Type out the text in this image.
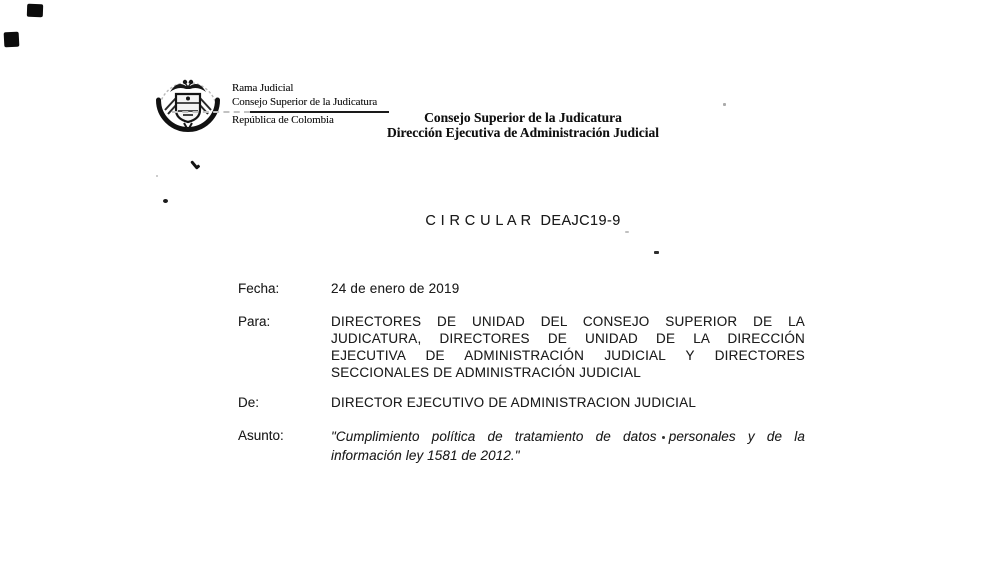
Rama Judicial
Consejo Superior de la Judicatura
República de Colombia	Consejo Superior de la Judicatura
Dirección Ejecutiva de Administración Judicial
C I R C U L A R DEAJC19-9
Fecha:	24 de enero de 2019
Para:	DIRECTORES DE UNIDAD DEL CONSEJO SUPERIOR DE LA
JUDICATURA, DIRECTORES DE UNIDAD DE LA DIRECCIÓN
EJECUTIVA DE ADMINISTRACIÓN JUDICIAL Y DIRECTORES
SECCIONALES DE ADMINISTRACIÓN JUDICIAL
De:	DIRECTOR EJECUTIVO DE ADMINISTRACION JUDICIAL
Asunto:	"Cumplimiento política de tratamiento de datos personales y de la
información ley 1581 de 2012."
